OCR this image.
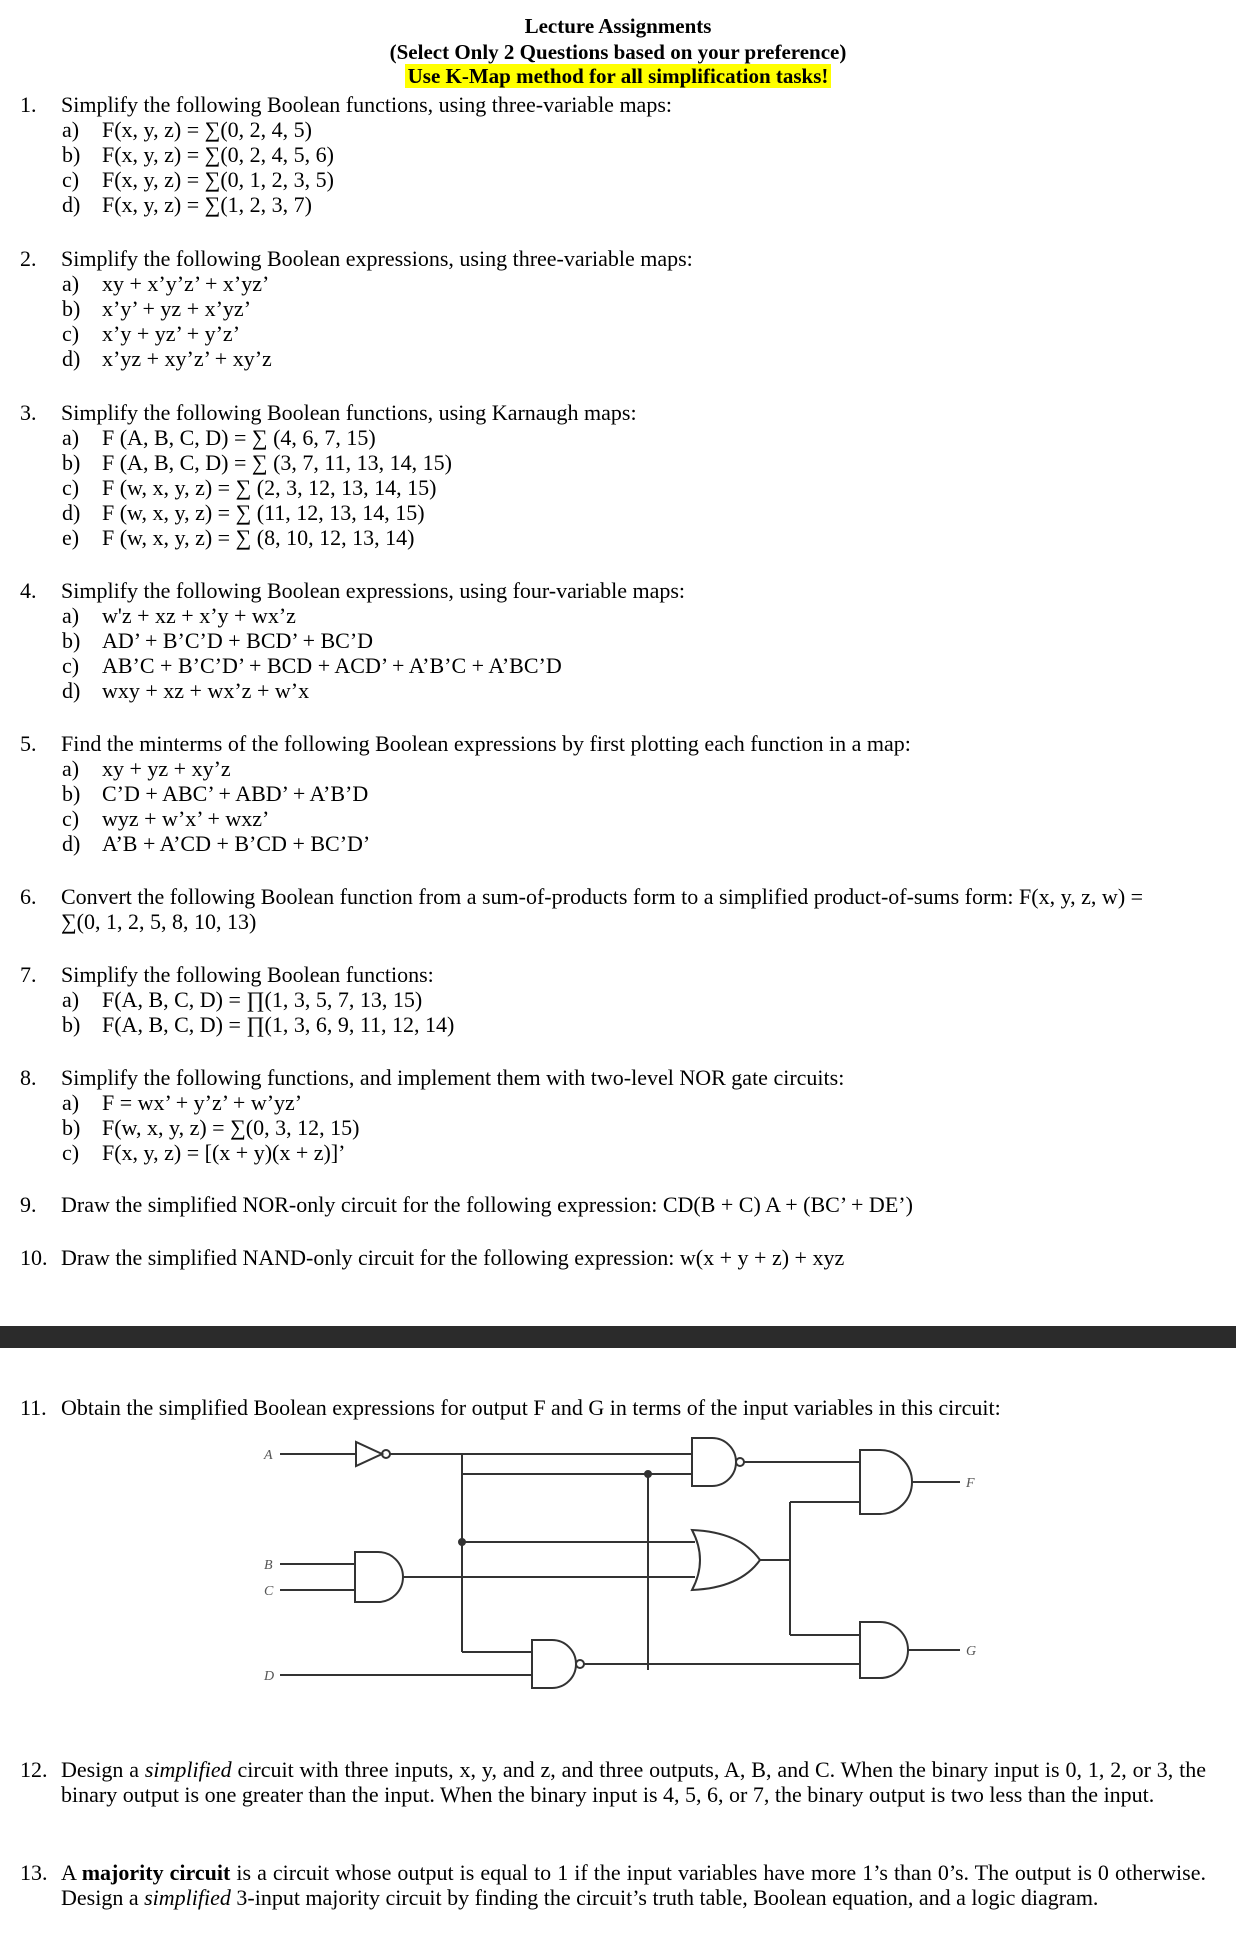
Lecture Assignments
(Select Only 2 Questions based on your preference)
Use K-Map method for all simplification tasks!
1. Simplify the following Boolean functions, using three-variable maps:
a) F(x, y, z) = ∑(0, 2, 4, 5)
b) F(x, y, z) = ∑(0, 2, 4, 5, 6)
c) F(x, y, z) = ∑(0, 1, 2, 3, 5)
d) F(x, y, z) = ∑(1, 2, 3, 7)
2. Simplify the following Boolean expressions, using three-variable maps:
a) xy + x’y’z’ + x’yz’
b) x’y’ + yz + x’yz’
c) x’y + yz’ + y’z’
d) x’yz + xy’z’ + xy’z
3. Simplify the following Boolean functions, using Karnaugh maps:
a) F (A, B, C, D) = ∑ (4, 6, 7, 15)
b) F (A, B, C, D) = ∑ (3, 7, 11, 13, 14, 15)
c) F (w, x, y, z) = ∑ (2, 3, 12, 13, 14, 15)
d) F (w, x, y, z) = ∑ (11, 12, 13, 14, 15)
e) F (w, x, y, z) = ∑ (8, 10, 12, 13, 14)
4. Simplify the following Boolean expressions, using four-variable maps:
a) w'z + xz + x’y + wx’z
b) AD’ + B’C’D + BCD’ + BC’D
c) AB’C + B’C’D’ + BCD + ACD’ + A’B’C + A’BC’D
d) wxy + xz + wx’z + w’x
5. Find the minterms of the following Boolean expressions by first plotting each function in a map:
a) xy + yz + xy’z
b) C’D + ABC’ + ABD’ + A’B’D
c) wyz + w’x’ + wxz’
d) A’B + A’CD + B’CD + BC’D’
6. Convert the following Boolean function from a sum-of-products form to a simplified product-of-sums form: F(x, y, z, w) =
∑(0, 1, 2, 5, 8, 10, 13)
7. Simplify the following Boolean functions:
a) F(A, B, C, D) = ∏(1, 3, 5, 7, 13, 15)
b) F(A, B, C, D) = ∏(1, 3, 6, 9, 11, 12, 14)
8. Simplify the following functions, and implement them with two-level NOR gate circuits:
a) F = wx’ + y’z’ + w’yz’
b) F(w, x, y, z) = ∑(0, 3, 12, 15)
c) F(x, y, z) = [(x + y)(x + z)]’
9. Draw the simplified NOR-only circuit for the following expression: CD(B + C) A + (BC’ + DE’)
10. Draw the simplified NAND-only circuit for the following expression: w(x + y + z) + xyz
11. Obtain the simplified Boolean expressions for output F and G in terms of the input variables in this circuit:
A
B
C
D
F
G
12. Design a simplified circuit with three inputs, x, y, and z, and three outputs, A, B, and C. When the binary input is 0, 1, 2, or 3, the binary output is one greater than the input. When the binary input is 4, 5, 6, or 7, the binary output is two less than the input.
13. A majority circuit is a circuit whose output is equal to 1 if the input variables have more 1’s than 0’s. The output is 0 otherwise. Design a simplified 3-input majority circuit by finding the circuit’s truth table, Boolean equation, and a logic diagram.
